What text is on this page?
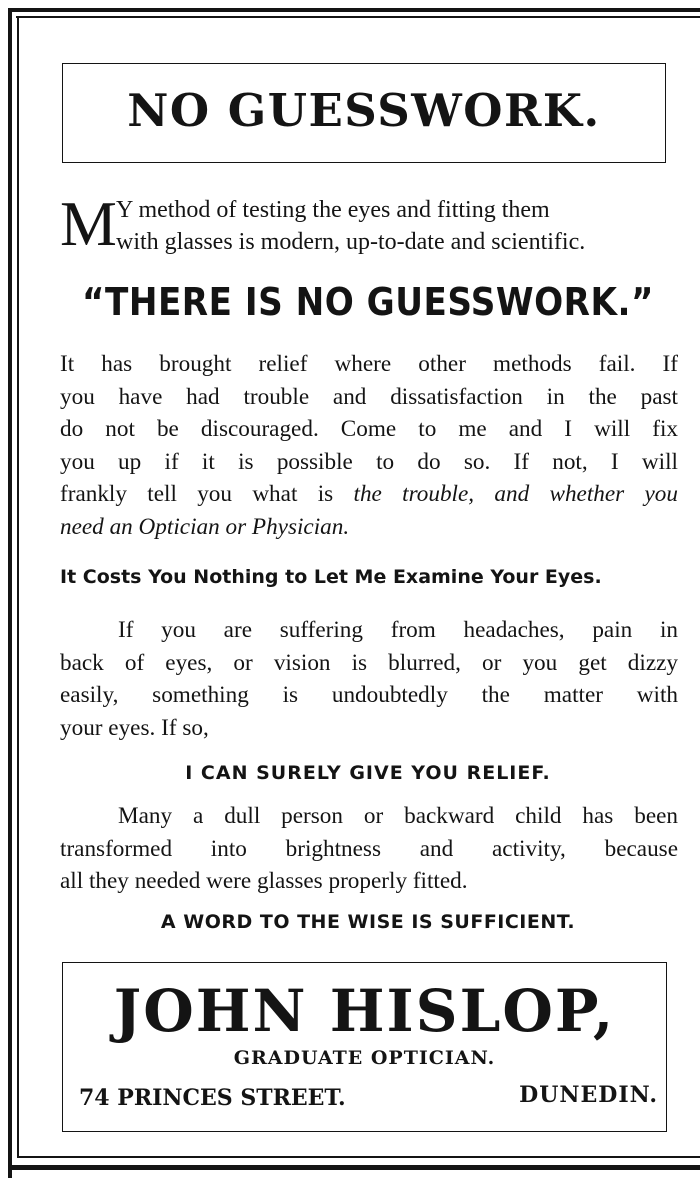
NO GUESSWORK.
M Y method of testing the eyes and fitting them
with glasses is modern, up-to-date and scientific.
“THERE IS NO GUESSWORK.”
It has brought relief where other methods fail. If
you have had trouble and dissatisfaction in the past
do not be discouraged. Come to me and I will fix
you up if it is possible to do so. If not, I will
frankly tell you what is the trouble, and whether you
need an Optician or Physician.
It Costs You Nothing to Let Me Examine Your Eyes.
If you are suffering from headaches, pain in
back of eyes, or vision is blurred, or you get dizzy
easily, something is undoubtedly the matter with
your eyes. If so,
I CAN SURELY GIVE YOU RELIEF.
Many a dull person or backward child has been
transformed into brightness and activity, because
all they needed were glasses properly fitted.
A WORD TO THE WISE IS SUFFICIENT.
JOHN HISLOP,
GRADUATE OPTICIAN.
74 PRINCES STREET.	DUNEDIN.
